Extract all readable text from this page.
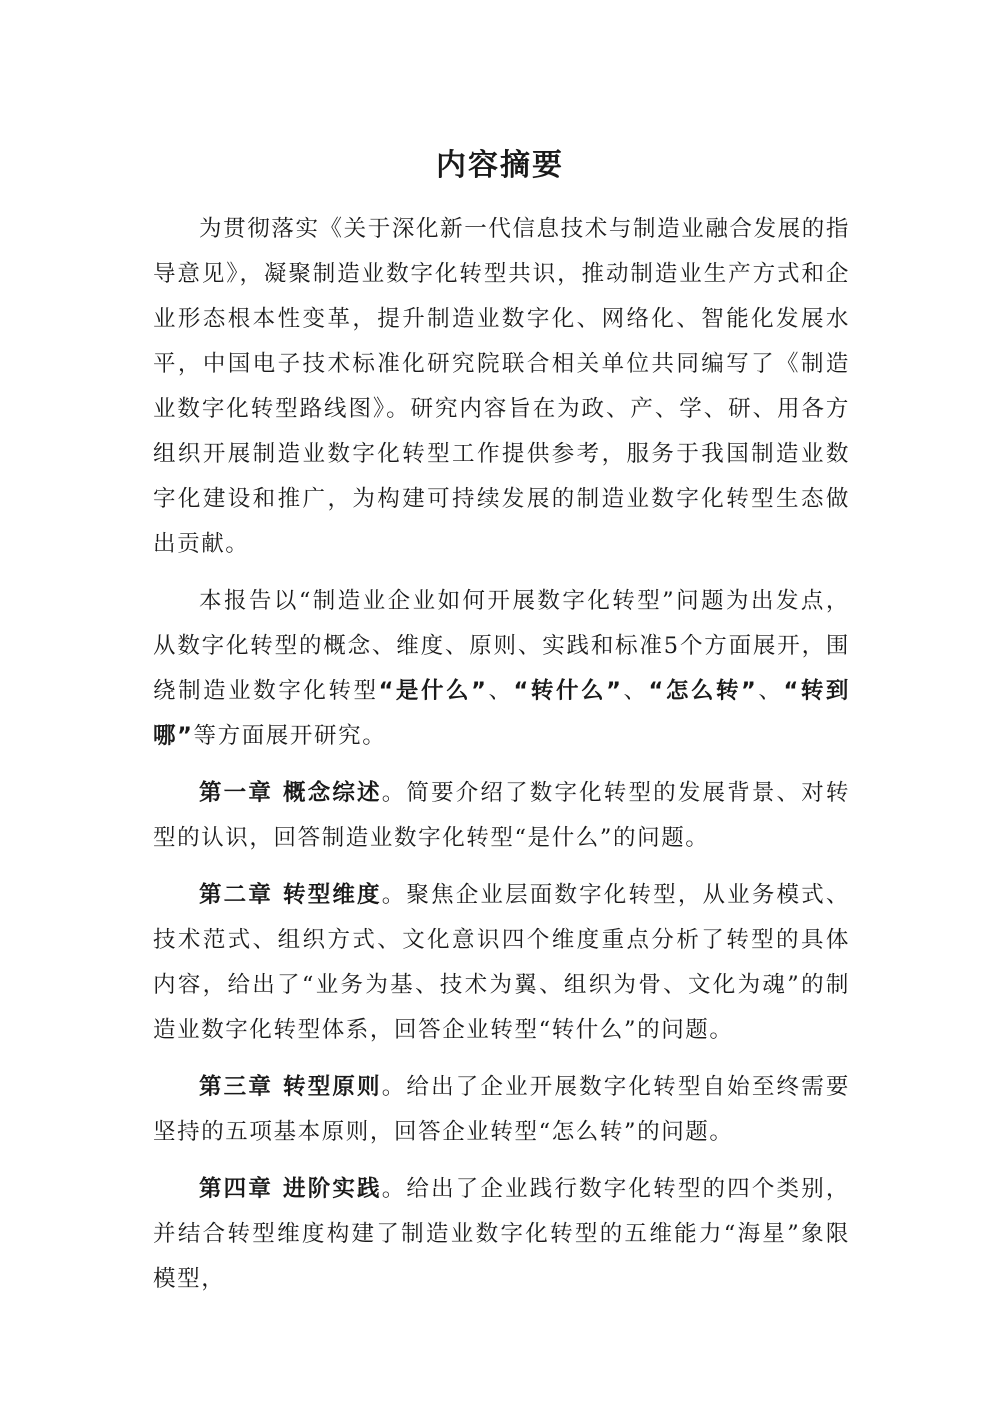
内容摘要

为贯彻落实《关于深化新一代信息技术与制造业融合发展的指导意见》，凝聚制造业数字化转型共识，推动制造业生产方式和企业形态根本性变革，提升制造业数字化、网络化、智能化发展水平，中国电子技术标准化研究院联合相关单位共同编写了《制造业数字化转型路线图》。研究内容旨在为政、产、学、研、用各方组织开展制造业数字化转型工作提供参考，服务于我国制造业数字化建设和推广，为构建可持续发展的制造业数字化转型生态做出贡献。

本报告以“制造业企业如何开展数字化转型”问题为出发点，从数字化转型的概念、维度、原则、实践和标准5个方面展开，围绕制造业数字化转型“是什么”、“转什么”、“怎么转”、“转到哪”等方面展开研究。

第一章 概念综述。简要介绍了数字化转型的发展背景、对转型的认识，回答制造业数字化转型“是什么”的问题。

第二章 转型维度。聚焦企业层面数字化转型，从业务模式、技术范式、组织方式、文化意识四个维度重点分析了转型的具体内容，给出了“业务为基、技术为翼、组织为骨、文化为魂”的制造业数字化转型体系，回答企业转型“转什么”的问题。

第三章 转型原则。给出了企业开展数字化转型自始至终需要坚持的五项基本原则，回答企业转型“怎么转”的问题。

第四章 进阶实践。给出了企业践行数字化转型的四个类别，并结合转型维度构建了制造业数字化转型的五维能力“海星”象限模型，
